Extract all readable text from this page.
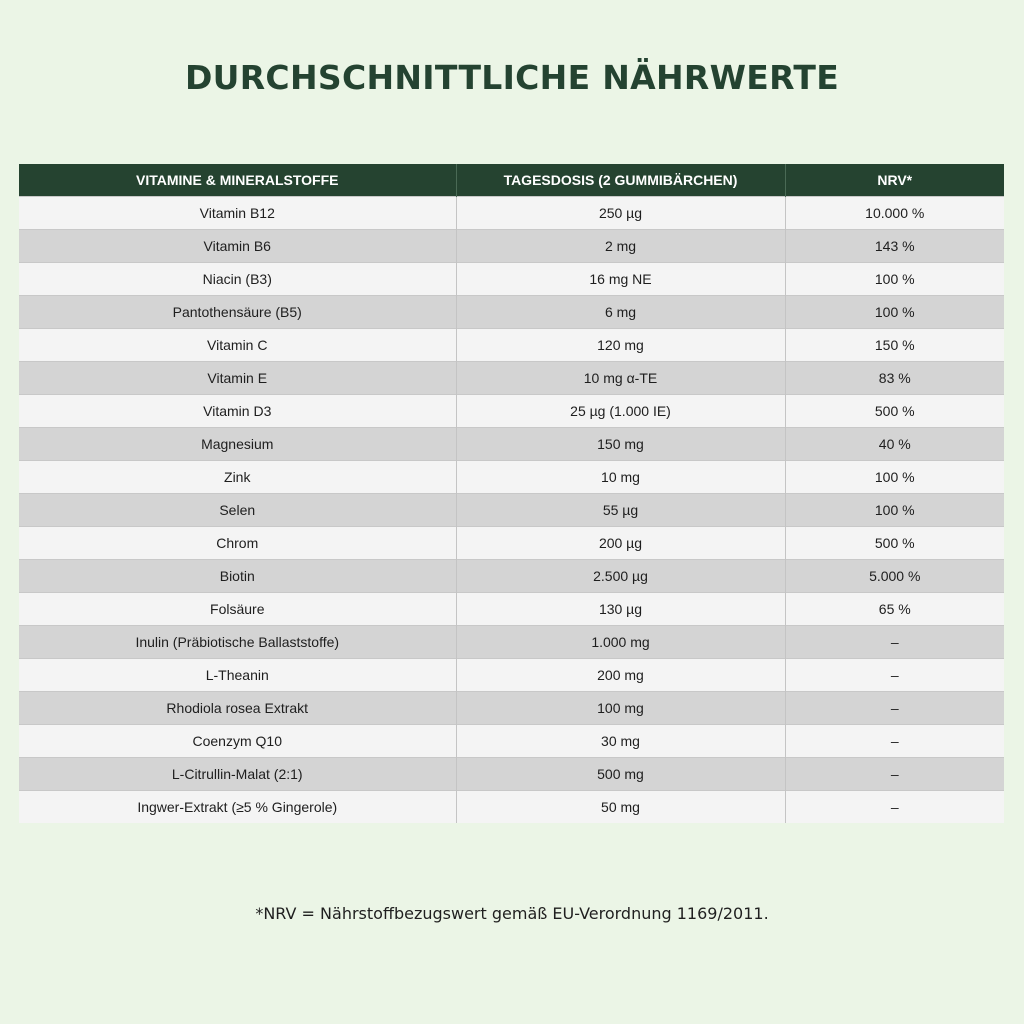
DURCHSCHNITTLICHE NÄHRWERTE
VITAMINE & MINERALSTOFFE	TAGESDOSIS (2 GUMMIBÄRCHEN)	NRV*
Vitamin B12	250 µg	10.000 %
Vitamin B6	2 mg	143 %
Niacin (B3)	16 mg NE	100 %
Pantothensäure (B5)	6 mg	100 %
Vitamin C	120 mg	150 %
Vitamin E	10 mg α-TE	83 %
Vitamin D3	25 µg (1.000 IE)	500 %
Magnesium	150 mg	40 %
Zink	10 mg	100 %
Selen	55 µg	100 %
Chrom	200 µg	500 %
Biotin	2.500 µg	5.000 %
Folsäure	130 µg	65 %
Inulin (Präbiotische Ballaststoffe)	1.000 mg	–
L-Theanin	200 mg	–
Rhodiola rosea Extrakt	100 mg	–
Coenzym Q10	30 mg	–
L-Citrullin-Malat (2:1)	500 mg	–
Ingwer-Extrakt (≥5 % Gingerole)	50 mg	–

*NRV = Nährstoffbezugswert gemäß EU-Verordnung 1169/2011.
